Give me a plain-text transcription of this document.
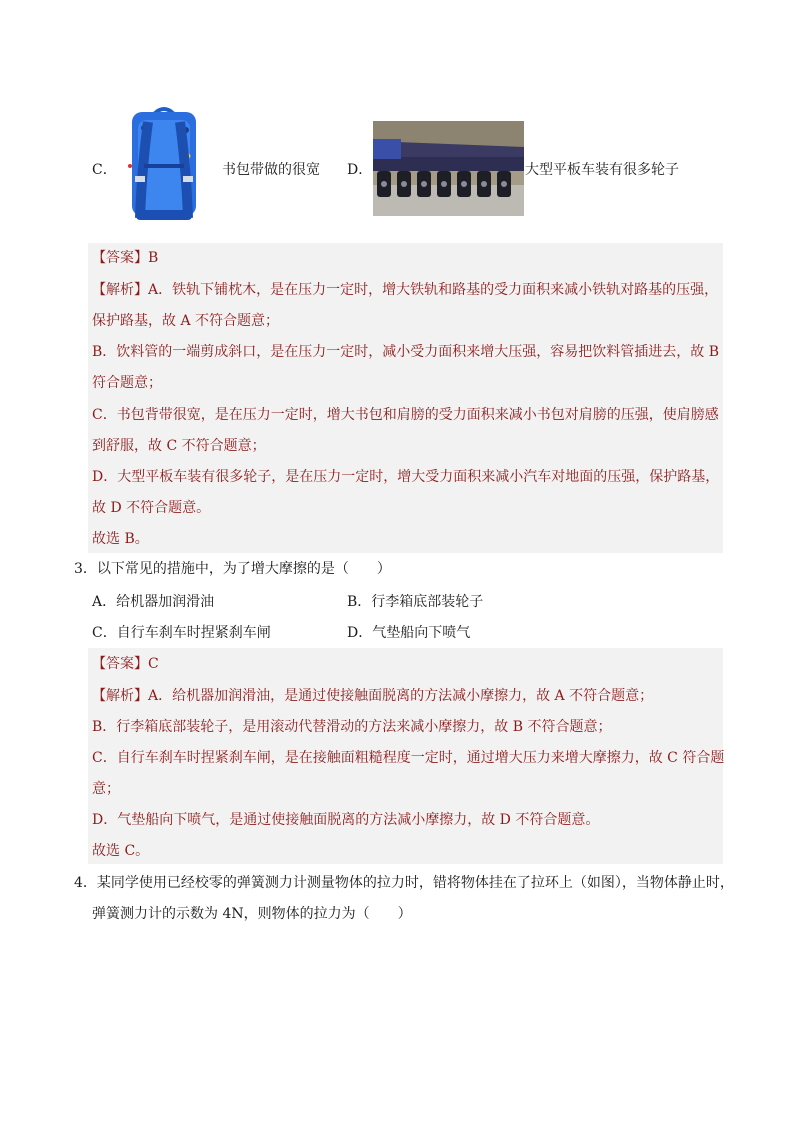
C．	书包带做的很宽 D．	大型平板车装有很多轮子
【答案】B
【解析】A．铁轨下铺枕木，是在压力一定时，增大铁轨和路基的受力面积来减小铁轨对路基的压强，
保护路基，故 A 不符合题意；
B．饮料管的一端剪成斜口，是在压力一定时，减小受力面积来增大压强，容易把饮料管插进去，故 B
符合题意；
C．书包背带很宽，是在压力一定时，增大书包和肩膀的受力面积来减小书包对肩膀的压强，使肩膀感
到舒服，故 C 不符合题意；
D．大型平板车装有很多轮子，是在压力一定时，增大受力面积来减小汽车对地面的压强，保护路基，
故 D 不符合题意。
故选 B。
3．以下常见的措施中，为了增大摩擦的是（　　）
A．给机器加润滑油	B．行李箱底部装轮子
C．自行车刹车时捏紧刹车闸	D．气垫船向下喷气
【答案】C
【解析】A．给机器加润滑油，是通过使接触面脱离的方法减小摩擦力，故 A 不符合题意；
B．行李箱底部装轮子，是用滚动代替滑动的方法来减小摩擦力，故 B 不符合题意；
C．自行车刹车时捏紧刹车闸，是在接触面粗糙程度一定时，通过增大压力来增大摩擦力，故 C 符合题
意；
D．气垫船向下喷气，是通过使接触面脱离的方法减小摩擦力，故 D 不符合题意。
故选 C。
4．某同学使用已经校零的弹簧测力计测量物体的拉力时，错将物体挂在了拉环上（如图），当物体静止时，
弹簧测力计的示数为 4N，则物体的拉力为（　　）
